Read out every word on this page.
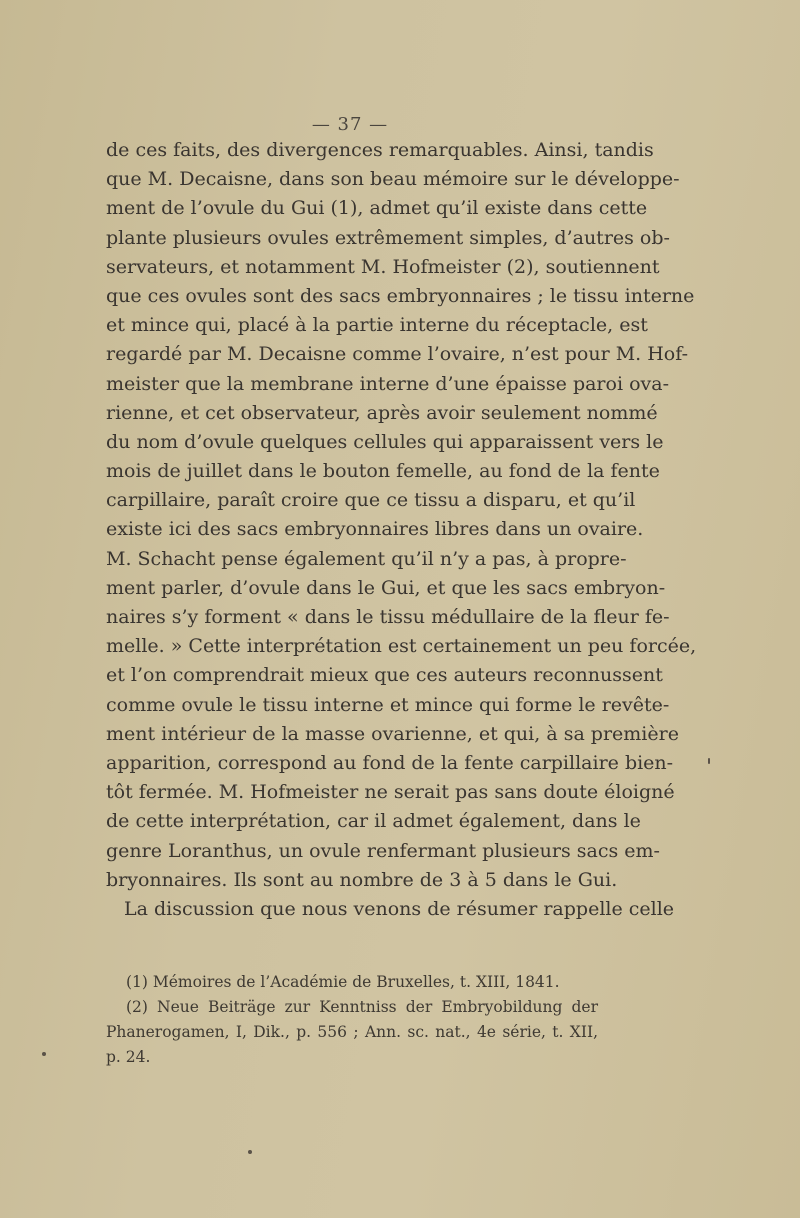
— 37 —
de ces faits, des divergences remarquables. Ainsi, tandis
que M. Decaisne, dans son beau mémoire sur le développe-
ment de l’ovule du Gui (1), admet qu’il existe dans cette
plante plusieurs ovules extrêmement simples, d’autres ob-
servateurs, et notamment M. Hofmeister (2), soutiennent
que ces ovules sont des sacs embryonnaires ; le tissu interne
et mince qui, placé à la partie interne du réceptacle, est
regardé par M. Decaisne comme l’ovaire, n’est pour M. Hof-
meister que la membrane interne d’une épaisse paroi ova-
rienne, et cet observateur, après avoir seulement nommé
du nom d’ovule quelques cellules qui apparaissent vers le
mois de juillet dans le bouton femelle, au fond de la fente
carpillaire, paraît croire que ce tissu a disparu, et qu’il
existe ici des sacs embryonnaires libres dans un ovaire.
M. Schacht pense également qu’il n’y a pas, à propre-
ment parler, d’ovule dans le Gui, et que les sacs embryon-
naires s’y forment « dans le tissu médullaire de la fleur fe-
melle. » Cette interprétation est certainement un peu forcée,
et l’on comprendrait mieux que ces auteurs reconnussent
comme ovule le tissu interne et mince qui forme le revête-
ment intérieur de la masse ovarienne, et qui, à sa première
apparition, correspond au fond de la fente carpillaire bien-
tôt fermée. M. Hofmeister ne serait pas sans doute éloigné
de cette interprétation, car il admet également, dans le
genre Loranthus, un ovule renfermant plusieurs sacs em-
bryonnaires. Ils sont au nombre de 3 à 5 dans le Gui.
La discussion que nous venons de résumer rappelle celle
(1) Mémoires de l’Académie de Bruxelles, t. XIII, 1841.
(2) Neue Beiträge zur Kenntniss der Embryobildung der
Phanerogamen, I, Dik., p. 556 ; Ann. sc. nat., 4e série, t. XII,
p. 24.
